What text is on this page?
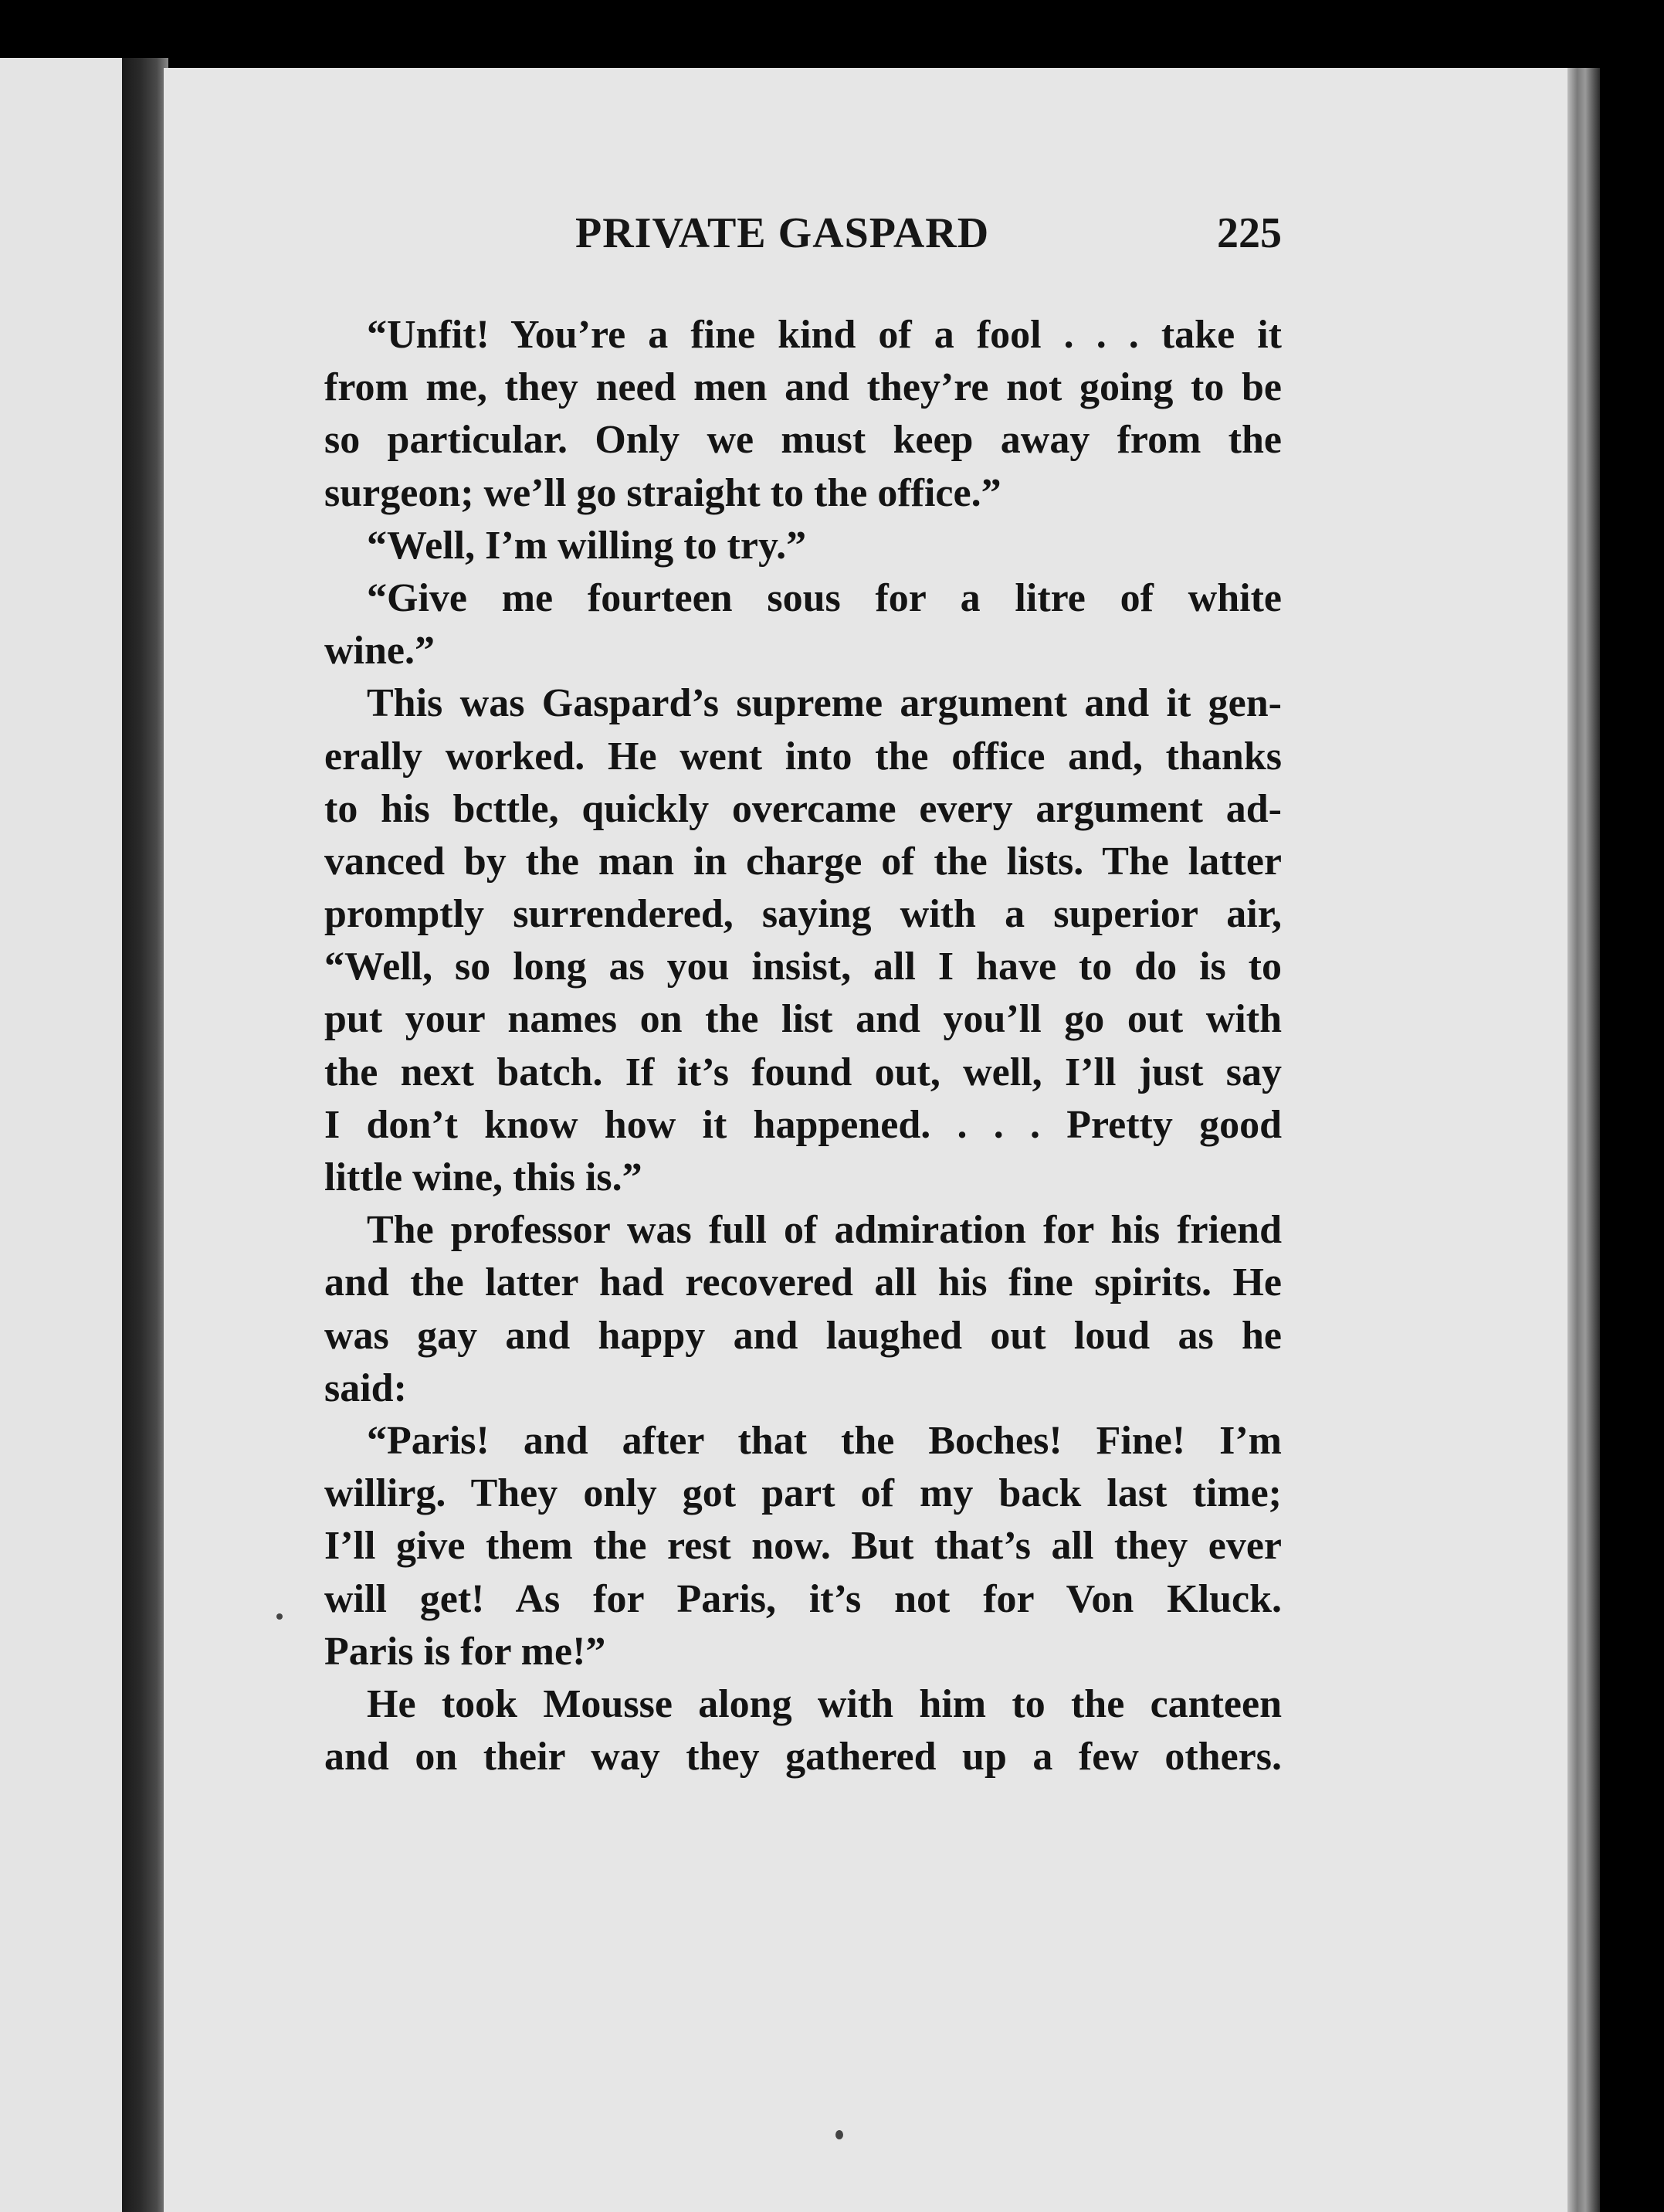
PRIVATE GASPARD	225
“Unfit! You’re a fine kind of a fool . . . take it
from me, they need men and they’re not going to be
so particular. Only we must keep away from the
surgeon; we’ll go straight to the office.”
“Well, I’m willing to try.”
“Give me fourteen sous for a litre of white
wine.”
This was Gaspard’s supreme argument and it gen-
erally worked. He went into the office and, thanks
to his bcttle, quickly overcame every argument ad-
vanced by the man in charge of the lists. The latter
promptly surrendered, saying with a superior air,
“Well, so long as you insist, all I have to do is to
put your names on the list and you’ll go out with
the next batch. If it’s found out, well, I’ll just say
I don’t know how it happened. . . . Pretty good
little wine, this is.”
The professor was full of admiration for his friend
and the latter had recovered all his fine spirits. He
was gay and happy and laughed out loud as he
said:
“Paris! and after that the Boches! Fine! I’m
willirg. They only got part of my back last time;
I’ll give them the rest now. But that’s all they ever
will get! As for Paris, it’s not for Von Kluck.
Paris is for me!”
He took Mousse along with him to the canteen
and on their way they gathered up a few others.
